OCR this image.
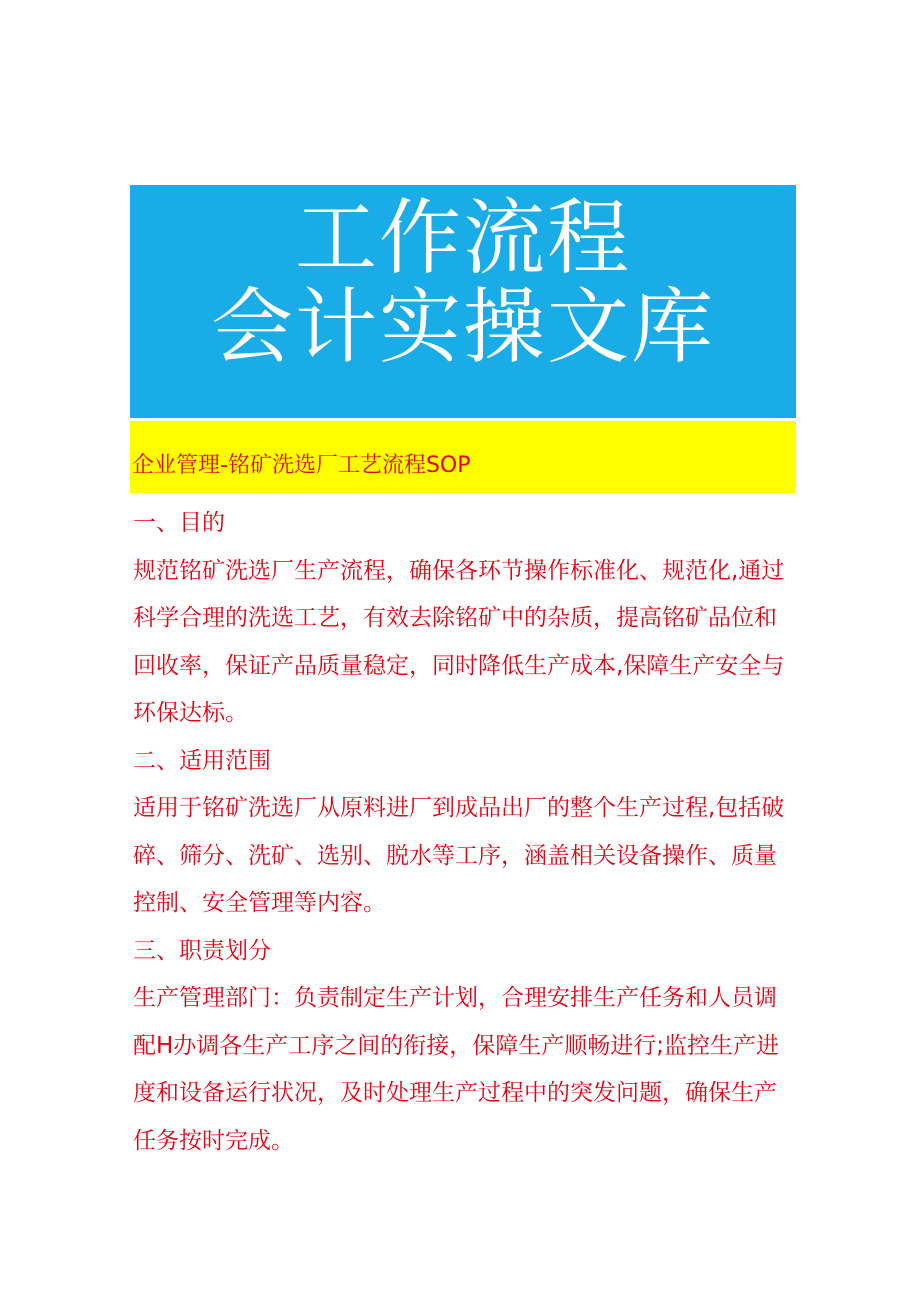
工作流程
会计实操文库
企业管理-铭矿洗选厂工艺流程SOP

一、目的

规范铭矿洗选厂生产流程，确保各环节操作标准化、规范化,通过科学合理的洗选工艺，有效去除铭矿中的杂质，提高铭矿品位和回收率，保证产品质量稳定，同时降低生产成本,保障生产安全与环保达标。

二、适用范围

适用于铭矿洗选厂从原料进厂到成品出厂的整个生产过程,包括破碎、筛分、洗矿、选别、脱水等工序，涵盖相关设备操作、质量控制、安全管理等内容。

三、职责划分

生产管理部门：负责制定生产计划，合理安排生产任务和人员调配H办调各生产工序之间的衔接，保障生产顺畅进行;监控生产进度和设备运行状况，及时处理生产过程中的突发问题，确保生产任务按时完成。
